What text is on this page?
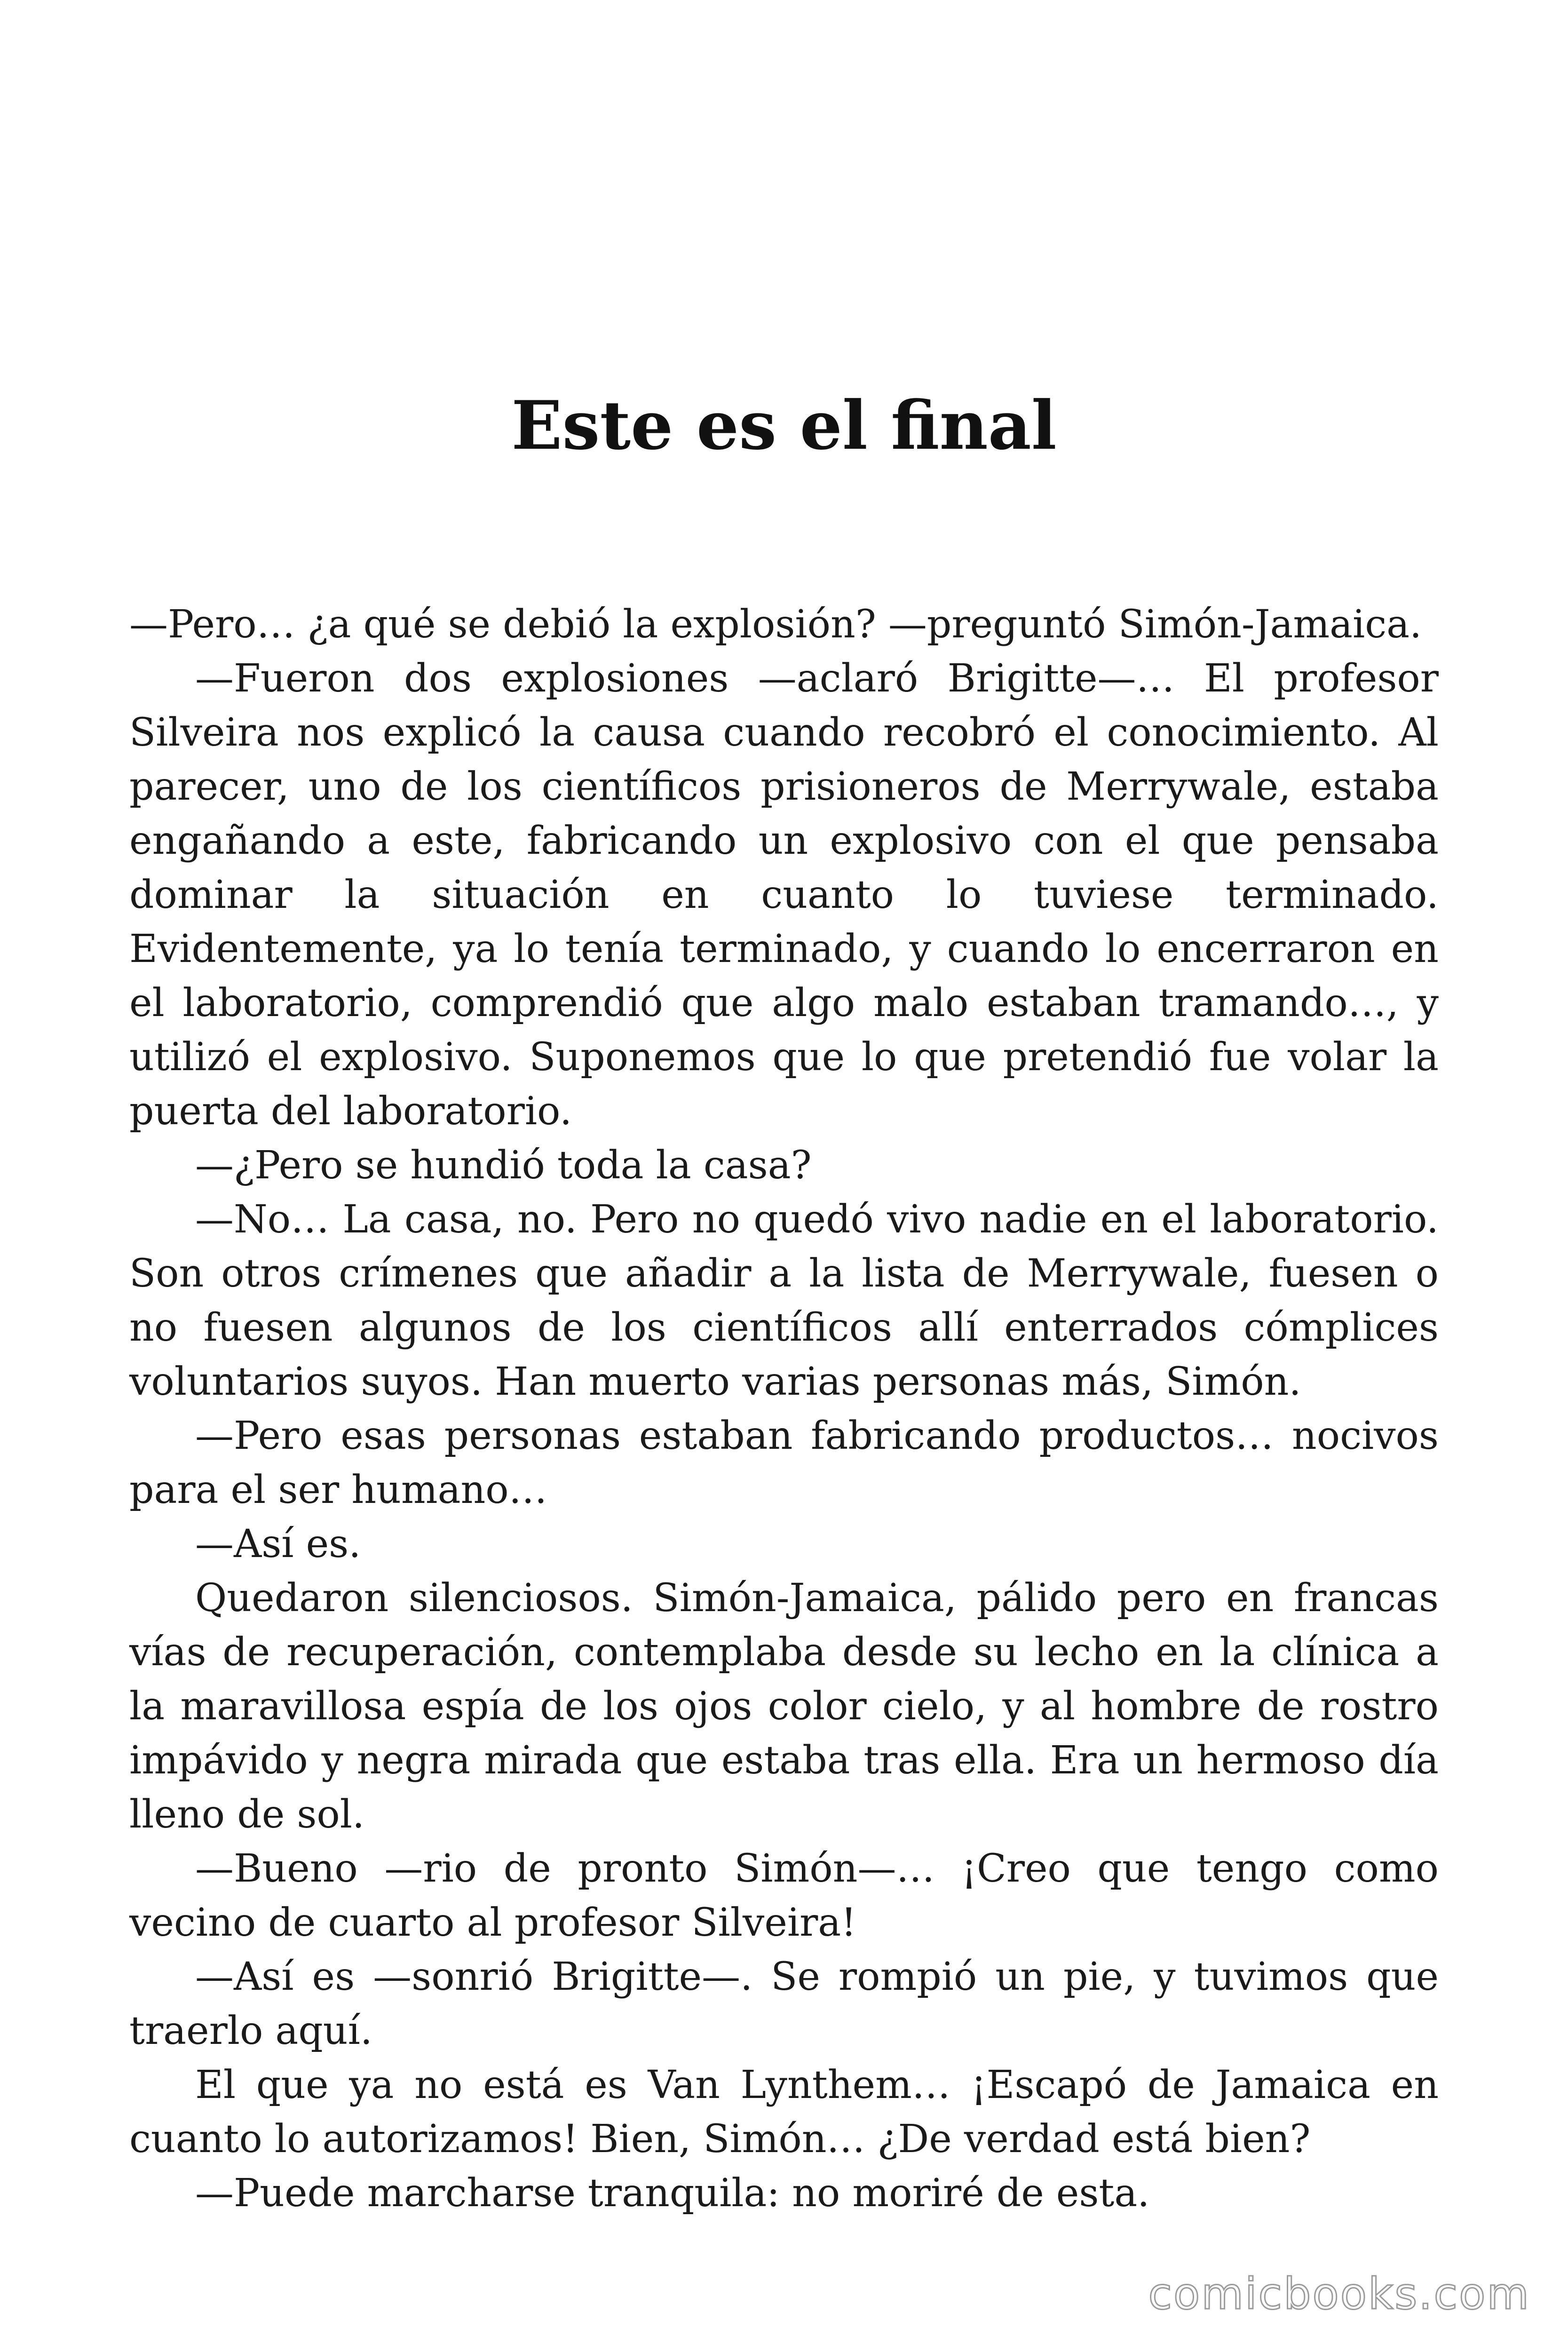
Este es el final

—Pero… ¿a qué se debió la explosión? —preguntó Simón-Jamaica.

—Fueron dos explosiones —aclaró Brigitte—… El profesor Silveira nos explicó la causa cuando recobró el conocimiento. Al parecer, uno de los científicos prisioneros de Merrywale, estaba engañando a este, fabricando un explosivo con el que pensaba dominar la situación en cuanto lo tuviese terminado. Evidentemente, ya lo tenía terminado, y cuando lo encerraron en el laboratorio, comprendió que algo malo estaban tramando…, y utilizó el explosivo. Suponemos que lo que pretendió fue volar la puerta del laboratorio.

—¿Pero se hundió toda la casa?

—No… La casa, no. Pero no quedó vivo nadie en el laboratorio. Son otros crímenes que añadir a la lista de Merrywale, fuesen o no fuesen algunos de los científicos allí enterrados cómplices voluntarios suyos. Han muerto varias personas más, Simón.

—Pero esas personas estaban fabricando productos… nocivos para el ser humano…

—Así es.

Quedaron silenciosos. Simón-Jamaica, pálido pero en francas vías de recuperación, contemplaba desde su lecho en la clínica a la maravillosa espía de los ojos color cielo, y al hombre de rostro impávido y negra mirada que estaba tras ella. Era un hermoso día lleno de sol.

—Bueno —rio de pronto Simón—… ¡Creo que tengo como vecino de cuarto al profesor Silveira!

—Así es —sonrió Brigitte—. Se rompió un pie, y tuvimos que traerlo aquí.

El que ya no está es Van Lynthem… ¡Escapó de Jamaica en cuanto lo autorizamos! Bien, Simón… ¿De verdad está bien?

—Puede marcharse tranquila: no moriré de esta.

comicbooks.com
